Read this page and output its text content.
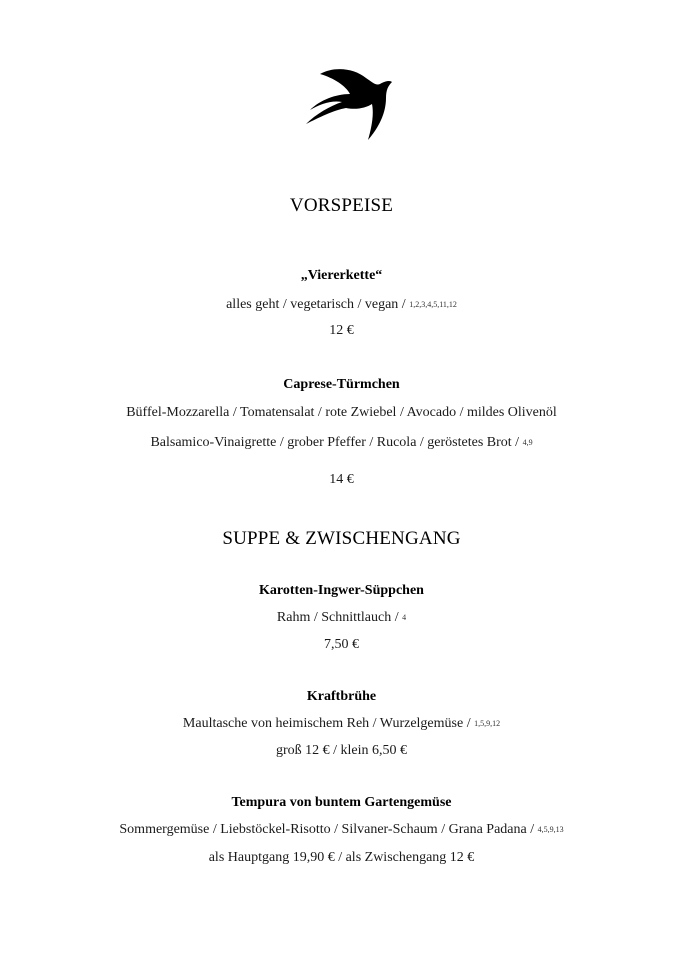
VORSPEISE
„Viererkette“
alles geht / vegetarisch / vegan / 1,2,3,4,5,11,12
12 €
Caprese-Türmchen
Büffel-Mozzarella / Tomatensalat / rote Zwiebel / Avocado / mildes Olivenöl
Balsamico-Vinaigrette / grober Pfeffer / Rucola / geröstetes Brot / 4,9
14 €
SUPPE & ZWISCHENGANG
Karotten-Ingwer-Süppchen
Rahm / Schnittlauch / 4
7,50 €
Kraftbrühe
Maultasche von heimischem Reh / Wurzelgemüse / 1,5,9,12
groß 12 € / klein 6,50 €
Tempura von buntem Gartengemüse
Sommergemüse / Liebstöckel-Risotto / Silvaner-Schaum / Grana Padana / 4,5,9,13
als Hauptgang 19,90 € / als Zwischengang 12 €
